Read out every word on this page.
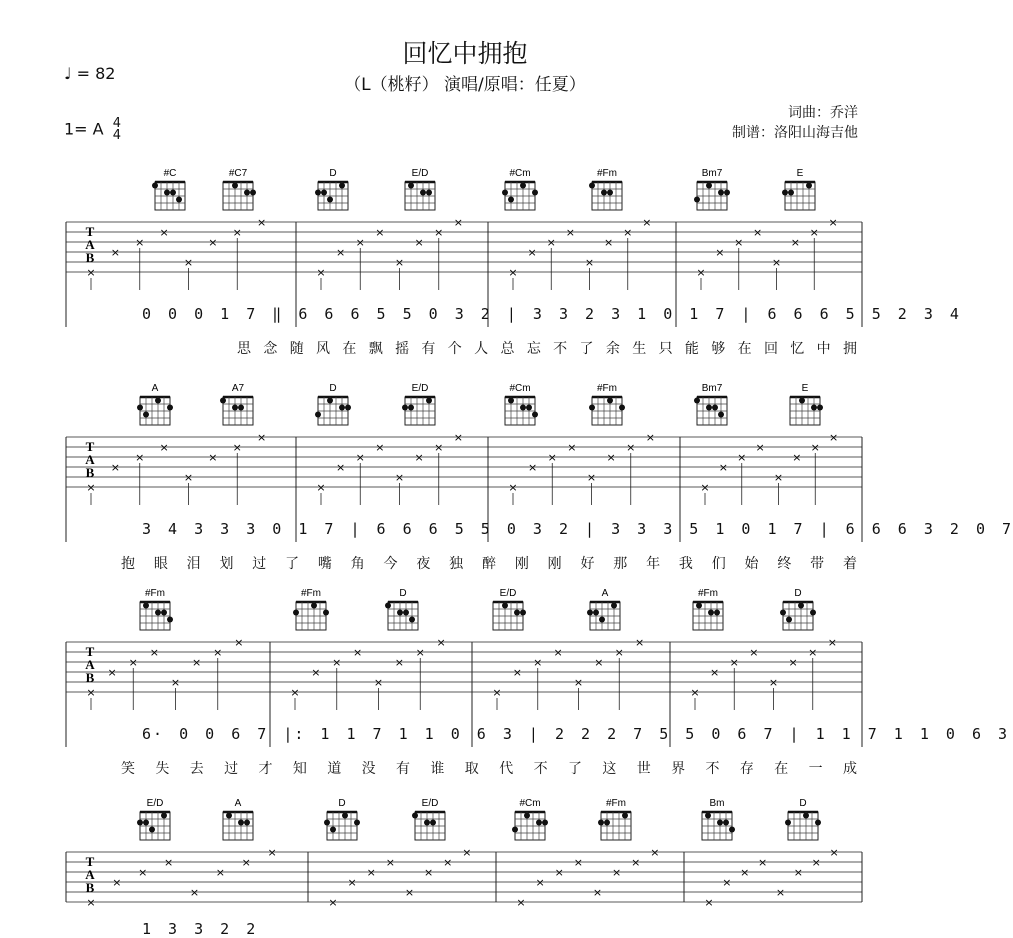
回忆中拥抱
（L（桃籽） 演唱/原唱：任夏）
♩ = 82
1= A 4
4
词曲：乔洋
制谱：洛阳山海吉他
#C	#C7	D	E/D	#Cm	#Fm	Bm7	E
T
A
B
×
×
×
×
×
×
×
×
×
×
×
×
×
×
×
×
×
×
×
×
×
×
×
×
×
×
×
×
×
×
×
×
0 0 0 1 7 ‖ 6 6 6 5 5 0 3 2 | 3 3 2 3 1 0 1 7 | 6 6 6 5 5 2 3 4
思 念 随 风 在 飘 摇 有 个 人 总 忘 不 了 余 生 只 能 够 在 回 忆 中 拥
A	A7	D	E/D	#Cm	#Fm	Bm7	E
T
A
B
×
×
×
×
×
×
×
×
×
×
×
×
×
×
×
×
×
×
×
×
×
×
×
×
×
×
×
×
×
×
×
×
3 4 3 3 3 0 1 7 | 6 6 6 5 5 0 3 2 | 3 3 3 5 1 0 1 7 | 6 6 6 3 2 0 7
抱 眼 泪 划 过 了 嘴 角 今 夜 独 醉 刚 刚 好 那 年 我 们 始 终 带 着
#Fm	#Fm	D	E/D	A	#Fm	D
T
A
B
×
×
×
×
×
×
×
×
×
×
×
×
×
×
×
×
×
×
×
×
×
×
×
×
×
×
×
×
×
×
×
×
6· 0 0 6 7 |: 1 1 7 1 1 0 6 3 | 2 2 2 7 5 5 0 6 7 | 1 1 7 1 1 0 6 3
笑 失 去 过 才 知 道 没 有 谁 取 代 不 了 这 世 界 不 存 在 一 成
E/D	A	D	E/D	#Cm	#Fm	Bm	D
T
A
B
×
×
×
×
×
×
×
×
×
×
×
×
×
×
×
×
×
×
×
×
×
×
×
×
×
×
×
×
×
×
×
×
1 3 3 2 2
